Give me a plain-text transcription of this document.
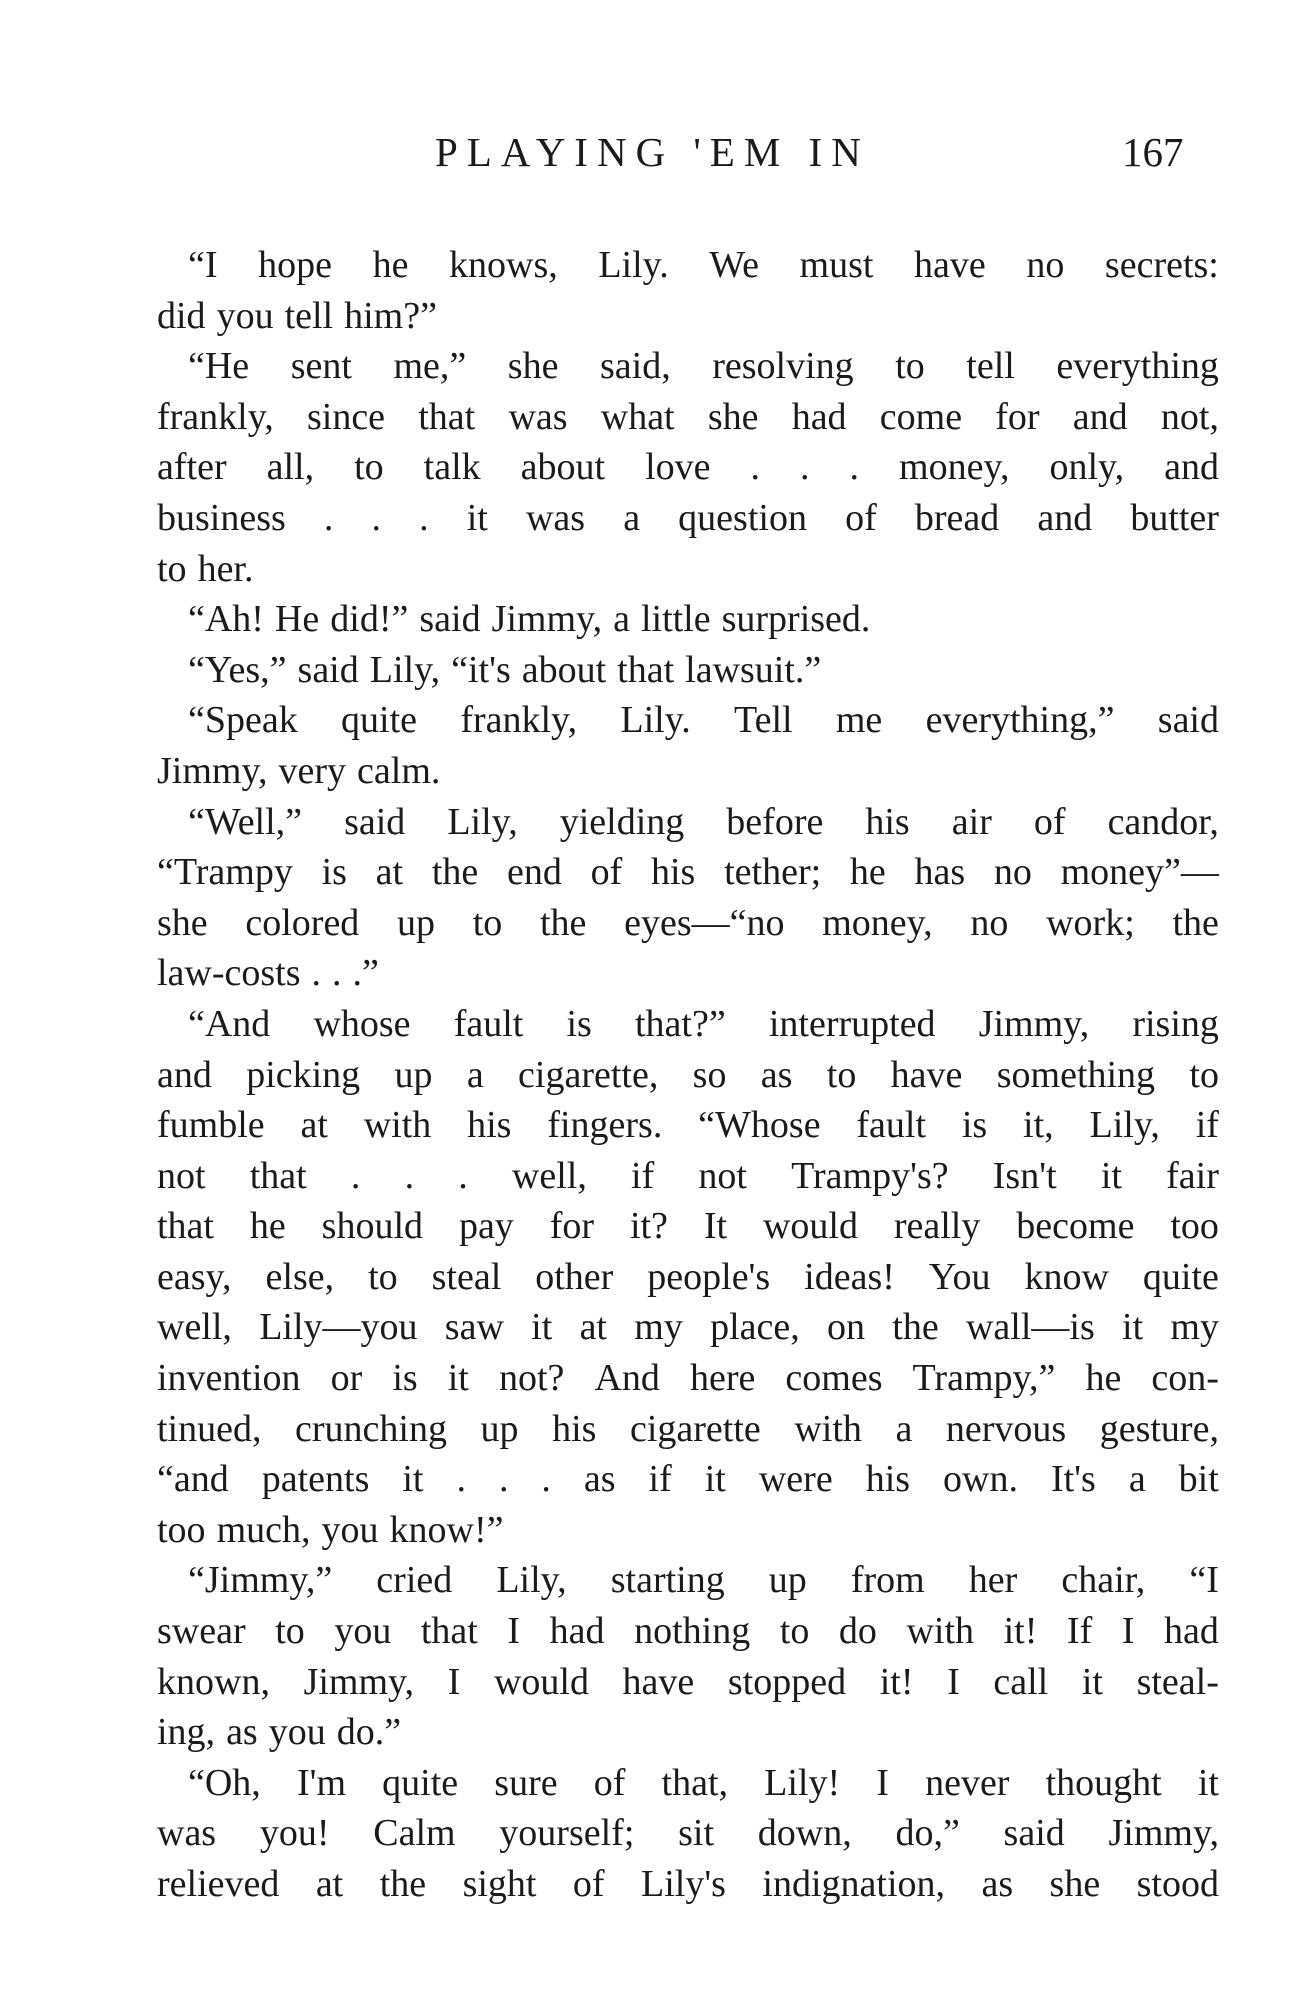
PLAYING 'EM IN	167
“I hope he knows, Lily. We must have no secrets:
did you tell him?”
“He sent me,” she said, resolving to tell everything
frankly, since that was what she had come for and not,
after all, to talk about love . . . money, only, and
business . . . it was a question of bread and butter
to her.
“Ah! He did!” said Jimmy, a little surprised.
“Yes,” said Lily, “it's about that lawsuit.”
“Speak quite frankly, Lily. Tell me everything,” said
Jimmy, very calm.
“Well,” said Lily, yielding before his air of candor,
“Trampy is at the end of his tether; he has no money”—
she colored up to the eyes—“no money, no work; the
law-costs . . .”
“And whose fault is that?” interrupted Jimmy, rising
and picking up a cigarette, so as to have something to
fumble at with his fingers. “Whose fault is it, Lily, if
not that . . . well, if not Trampy's? Isn't it fair
that he should pay for it? It would really become too
easy, else, to steal other people's ideas! You know quite
well, Lily—you saw it at my place, on the wall—is it my
invention or is it not? And here comes Trampy,” he con-
tinued, crunching up his cigarette with a nervous gesture,
“and patents it . . . as if it were his own. It's a bit
too much, you know!”
“Jimmy,” cried Lily, starting up from her chair, “I
swear to you that I had nothing to do with it! If I had
known, Jimmy, I would have stopped it! I call it steal-
ing, as you do.”
“Oh, I'm quite sure of that, Lily! I never thought it
was you! Calm yourself; sit down, do,” said Jimmy,
relieved at the sight of Lily's indignation, as she stood
